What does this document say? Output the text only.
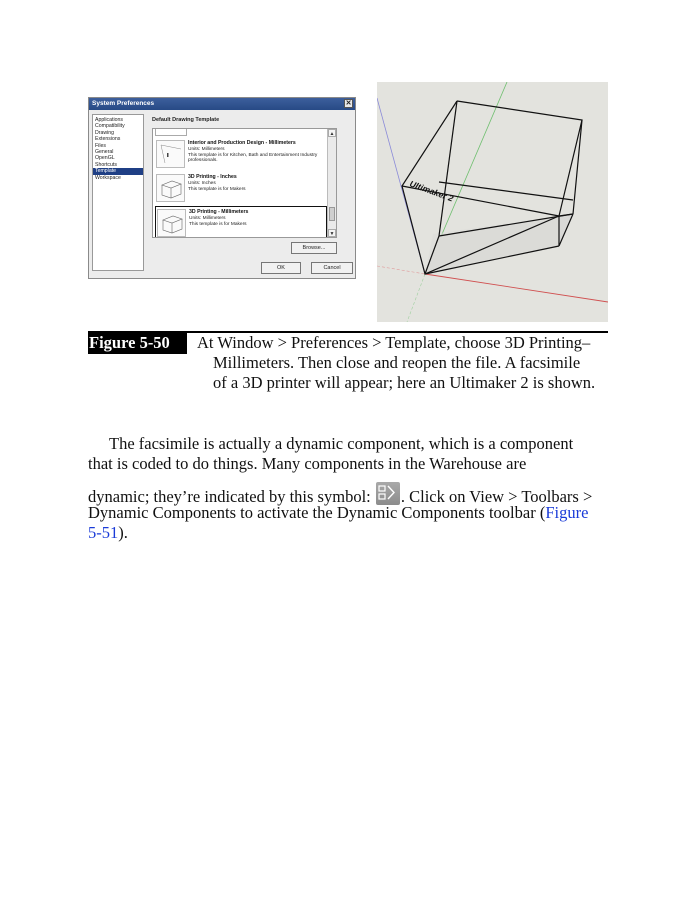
System Preferences	✕
Applications
Compatibility
Drawing
Extensions
Files
General
OpenGL
Shortcuts
Template
Workspace
Default Drawing Template
Interior and Production Design - Millimeters
Units: Millimeters
This template is for Kitchen, Bath and Entertainment Industry professionals.
3D Printing - Inches
Units: Inches
This template is for Makers
3D Printing - Millimeters
Units: Millimeters
This template is for Makers
▲
▼
Browse...
OK	Cancel
Ultimaker 2
Figure 5-50	At Window > Preferences > Template, choose 3D Printing–
Millimeters. Then close and reopen the file. A facsimile
of a 3D printer will appear; here an Ultimaker 2 is shown.
The facsimile is actually a dynamic component, which is a component
that is coded to do things. Many components in the Warehouse are
dynamic; they’re indicated by this symbol:
. Click on View > Toolbars >
Dynamic Components to activate the Dynamic Components toolbar (Figure
5-51).
